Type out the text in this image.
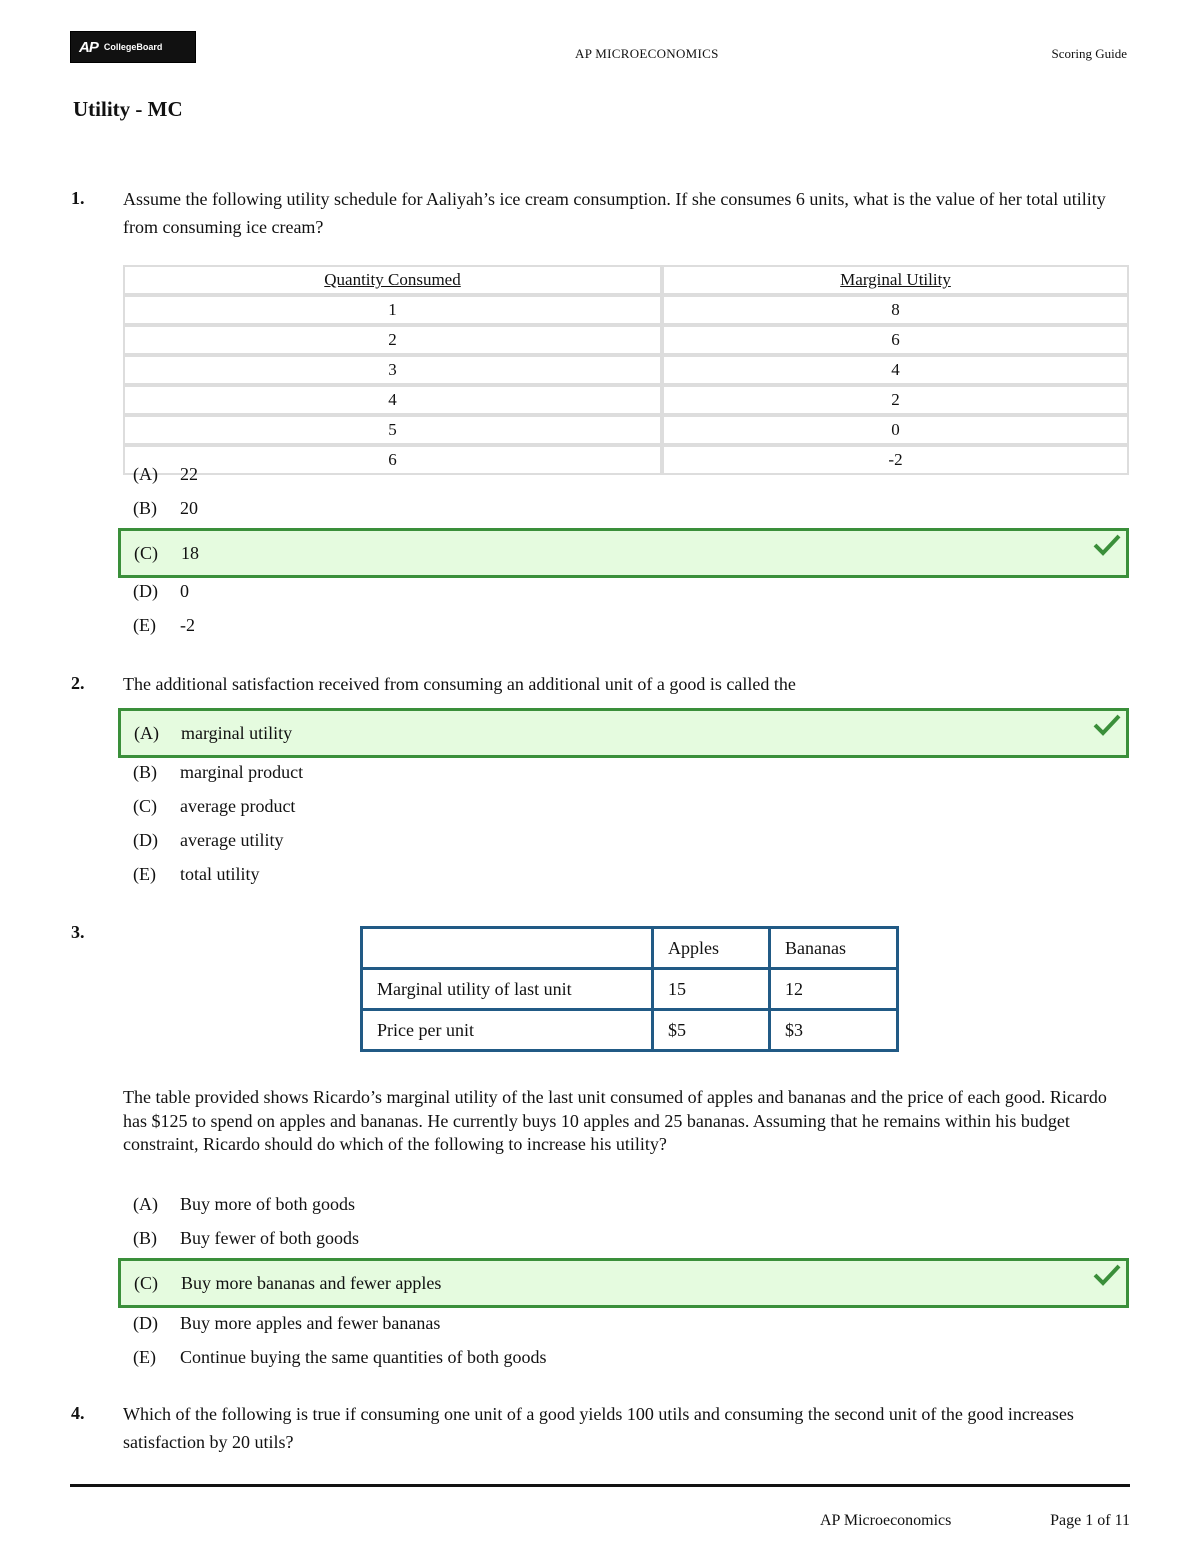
AP CollegeBoard	AP MICROECONOMICS	Scoring Guide
Utility - MC
1. Assume the following utility schedule for Aaliyah’s ice cream consumption. If she consumes 6 units, what is the value of her total utility from consuming ice cream?
Quantity Consumed	Marginal Utility
1	8
2	6
3	4
4	2
5	0
6	-2
(A) 22
(B) 20
(C) 18
(D) 0
(E) -2
2. The additional satisfaction received from consuming an additional unit of a good is called the
(A) marginal utility
(B) marginal product
(C) average product
(D) average utility
(E) total utility
3.
	Apples	Bananas
Marginal utility of last unit	15	12
Price per unit	$5	$3
The table provided shows Ricardo’s marginal utility of the last unit consumed of apples and bananas and the price of each good. Ricardo has $125 to spend on apples and bananas. He currently buys 10 apples and 25 bananas. Assuming that he remains within his budget constraint, Ricardo should do which of the following to increase his utility?
(A) Buy more of both goods
(B) Buy fewer of both goods
(C) Buy more bananas and fewer apples
(D) Buy more apples and fewer bananas
(E) Continue buying the same quantities of both goods
4. Which of the following is true if consuming one unit of a good yields 100 utils and consuming the second unit of the good increases satisfaction by 20 utils?
AP Microeconomics	Page 1 of 11
